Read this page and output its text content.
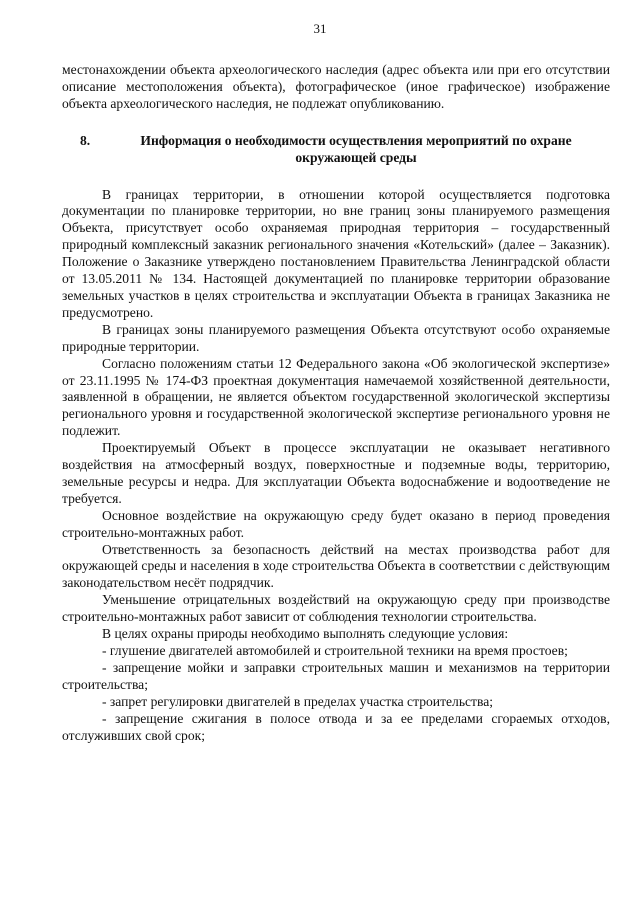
31

местонахождении объекта археологического наследия (адрес объекта или при его отсутствии описание местоположения объекта), фотографическое (иное графическое) изображение объекта археологического наследия, не подлежат опубликованию.

8.	Информация о необходимости осуществления мероприятий по охране окружающей среды

В границах территории, в отношении которой осуществляется подготовка документации по планировке территории, но вне границ зоны планируемого размещения Объекта, присутствует особо охраняемая природная территория – государственный природный комплексный заказник регионального значения «Котельский» (далее – Заказник). Положение о Заказнике утверждено постановлением Правительства Ленинградской области от 13.05.2011 № 134. Настоящей документацией по планировке территории образование земельных участков в целях строительства и эксплуатации Объекта в границах Заказника не предусмотрено.

В границах зоны планируемого размещения Объекта отсутствуют особо охраняемые природные территории.

Согласно положениям статьи 12 Федерального закона «Об экологической экспертизе» от 23.11.1995 № 174-ФЗ проектная документация намечаемой хозяйственной деятельности, заявленной в обращении, не является объектом государственной экологической экспертизы регионального уровня и государственной экологической экспертизе регионального уровня не подлежит.

Проектируемый Объект в процессе эксплуатации не оказывает негативного воздействия на атмосферный воздух, поверхностные и подземные воды, территорию, земельные ресурсы и недра. Для эксплуатации Объекта водоснабжение и водоотведение не требуется.

Основное воздействие на окружающую среду будет оказано в период проведения строительно-монтажных работ.

Ответственность за безопасность действий на местах производства работ для окружающей среды и населения в ходе строительства Объекта в соответствии с действующим законодательством несёт подрядчик.

Уменьшение отрицательных воздействий на окружающую среду при производстве строительно-монтажных работ зависит от соблюдения технологии строительства.

В целях охраны природы необходимо выполнять следующие условия:

- глушение двигателей автомобилей и строительной техники на время простоев;

- запрещение мойки и заправки строительных машин и механизмов на территории строительства;

- запрет регулировки двигателей в пределах участка строительства;

- запрещение сжигания в полосе отвода и за ее пределами сгораемых отходов, отслуживших свой срок;
